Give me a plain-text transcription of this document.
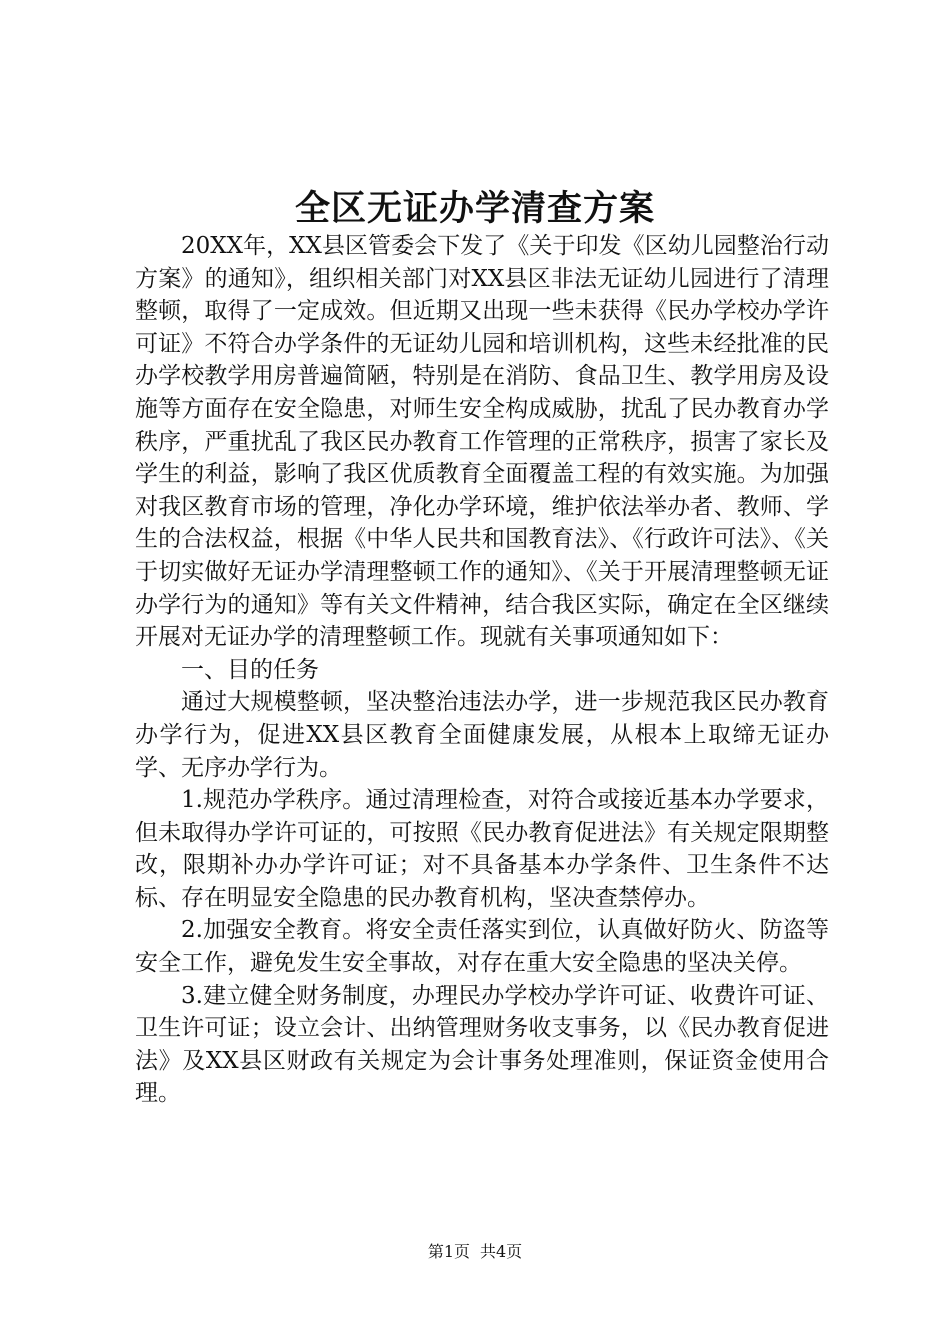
全区无证办学清查方案

20XX年，XX县区管委会下发了《关于印发《区幼儿园整治行动方案》的通知》，组织相关部门对XX县区非法无证幼儿园进行了清理整顿，取得了一定成效。但近期又出现一些未获得《民办学校办学许可证》不符合办学条件的无证幼儿园和培训机构，这些未经批准的民办学校教学用房普遍简陋，特别是在消防、食品卫生、教学用房及设施等方面存在安全隐患，对师生安全构成威胁，扰乱了民办教育办学秩序，严重扰乱了我区民办教育工作管理的正常秩序，损害了家长及学生的利益，影响了我区优质教育全面覆盖工程的有效实施。为加强对我区教育市场的管理，净化办学环境，维护依法举办者、教师、学生的合法权益，根据《中华人民共和国教育法》、《行政许可法》、《关于切实做好无证办学清理整顿工作的通知》、《关于开展清理整顿无证办学行为的通知》等有关文件精神，结合我区实际，确定在全区继续开展对无证办学的清理整顿工作。现就有关事项通知如下：

一、目的任务

通过大规模整顿，坚决整治违法办学，进一步规范我区民办教育办学行为，促进XX县区教育全面健康发展，从根本上取缔无证办学、无序办学行为。

1.规范办学秩序。通过清理检查，对符合或接近基本办学要求，但未取得办学许可证的，可按照《民办教育促进法》有关规定限期整改，限期补办办学许可证；对不具备基本办学条件、卫生条件不达标、存在明显安全隐患的民办教育机构，坚决查禁停办。

2.加强安全教育。将安全责任落实到位，认真做好防火、防盗等安全工作，避免发生安全事故，对存在重大安全隐患的坚决关停。

3.建立健全财务制度，办理民办学校办学许可证、收费许可证、卫生许可证；设立会计、出纳管理财务收支事务，以《民办教育促进法》及XX县区财政有关规定为会计事务处理准则，保证资金使用合理。

第1页 共4页
